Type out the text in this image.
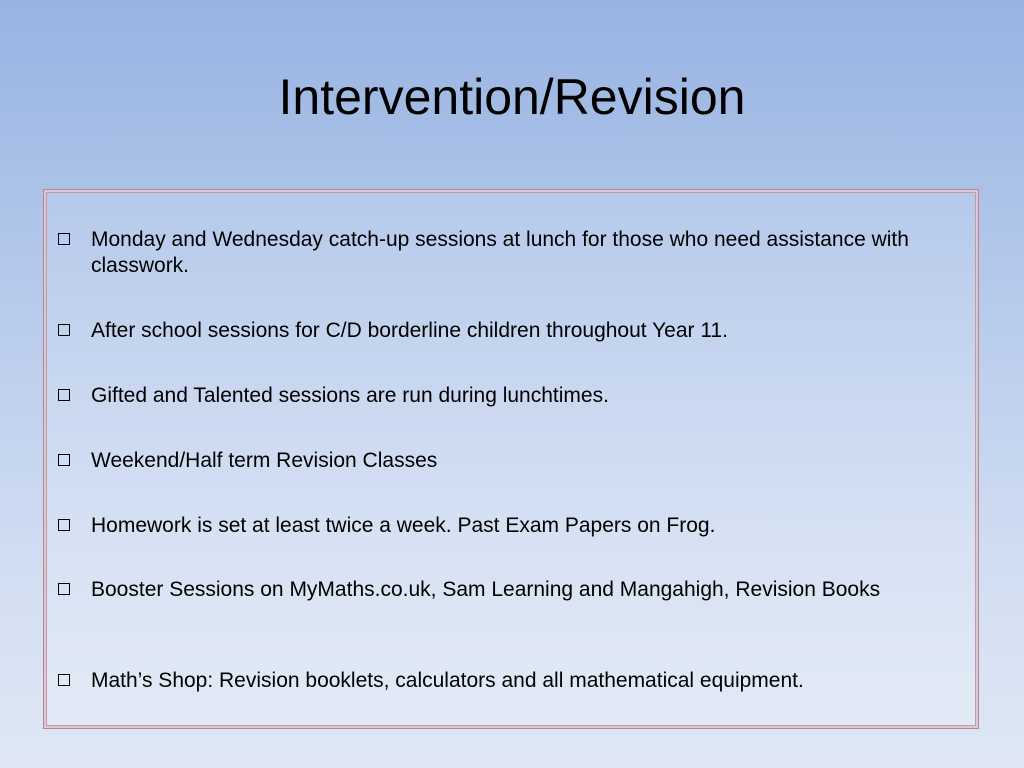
Intervention/Revision
Monday and Wednesday catch-up sessions at lunch for those who need assistance with classwork.
After school sessions for C/D borderline children throughout Year 11.
Gifted and Talented sessions are run during lunchtimes.
Weekend/Half term Revision Classes
Homework is set at least twice a week. Past Exam Papers on Frog.
Booster Sessions on MyMaths.co.uk, Sam Learning and Mangahigh, Revision Books
Math’s Shop: Revision booklets, calculators and all mathematical equipment.
